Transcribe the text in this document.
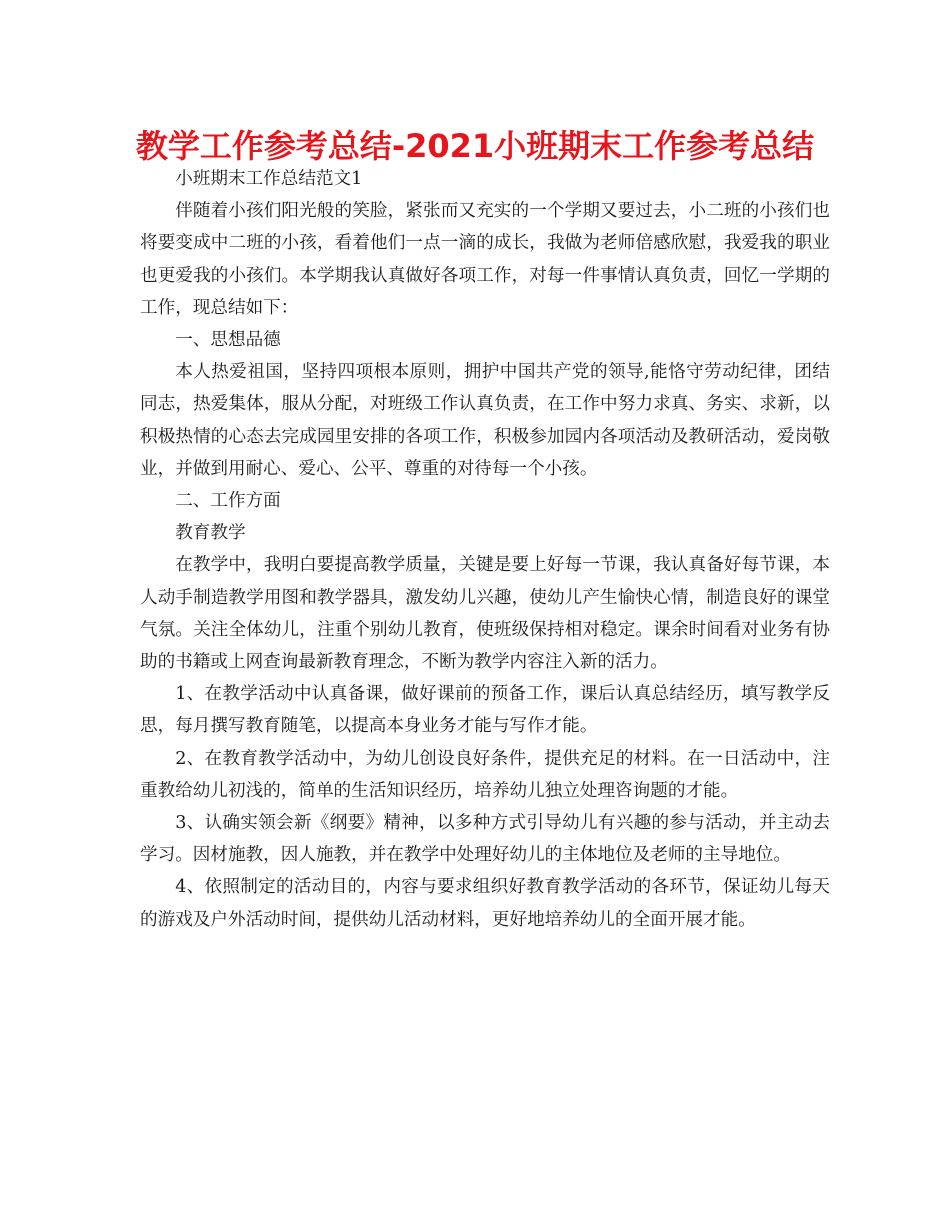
教学工作参考总结-2021小班期末工作参考总结

小班期末工作总结范文1

伴随着小孩们阳光般的笑脸，紧张而又充实的一个学期又要过去，小二班的小孩们也将要变成中二班的小孩，看着他们一点一滴的成长，我做为老师倍感欣慰，我爱我的职业也更爱我的小孩们。本学期我认真做好各项工作，对每一件事情认真负责，回忆一学期的工作，现总结如下：

一、思想品德

本人热爱祖国，坚持四项根本原则，拥护中国共产党的领导,能恪守劳动纪律，团结同志，热爱集体，服从分配，对班级工作认真负责，在工作中努力求真、务实、求新，以积极热情的心态去完成园里安排的各项工作，积极参加园内各项活动及教研活动，爱岗敬业，并做到用耐心、爱心、公平、尊重的对待每一个小孩。

二、工作方面

教育教学

在教学中，我明白要提高教学质量，关键是要上好每一节课，我认真备好每节课，本人动手制造教学用图和教学器具，激发幼儿兴趣，使幼儿产生愉快心情，制造良好的课堂气氛。关注全体幼儿，注重个别幼儿教育，使班级保持相对稳定。课余时间看对业务有协助的书籍或上网查询最新教育理念，不断为教学内容注入新的活力。

1、在教学活动中认真备课，做好课前的预备工作，课后认真总结经历，填写教学反思，每月撰写教育随笔，以提高本身业务才能与写作才能。

2、在教育教学活动中，为幼儿创设良好条件，提供充足的材料。在一日活动中，注重教给幼儿初浅的，简单的生活知识经历，培养幼儿独立处理咨询题的才能。

3、认确实领会新《纲要》精神，以多种方式引导幼儿有兴趣的参与活动，并主动去学习。因材施教，因人施教，并在教学中处理好幼儿的主体地位及老师的主导地位。

4、依照制定的活动目的，内容与要求组织好教育教学活动的各环节，保证幼儿每天的游戏及户外活动时间，提供幼儿活动材料，更好地培养幼儿的全面开展才能。
